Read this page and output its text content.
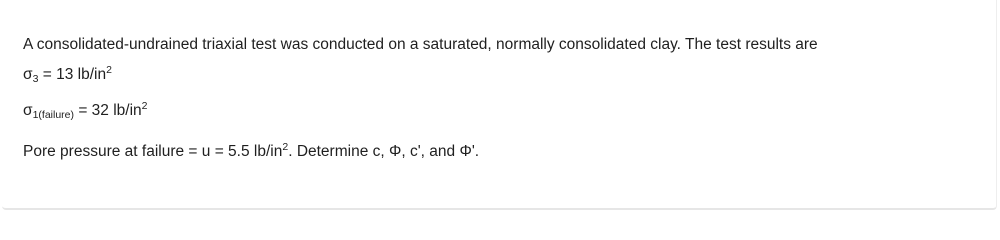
A consolidated-undrained triaxial test was conducted on a saturated, normally consolidated clay. The test results are
$\sigma_3 = 13$ $lb/in^2$
$\sigma_{1(failure)} = 32$ $lb/in^2$
Pore pressure at failure = u = 5.5 $lb/in^2$. Determine c, Φ, c', and Φ'.
